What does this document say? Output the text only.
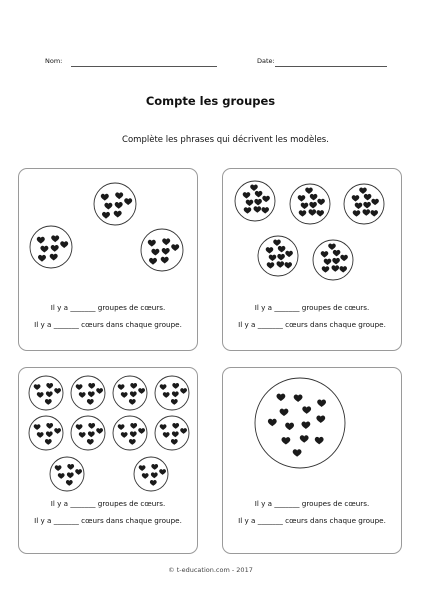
Nom:	Date:
Compte les groupes
Complète les phrases qui décrivent les modèles.
Il y a _______ groupes de cœurs.
Il y a _______ cœurs dans chaque groupe.
Il y a _______ groupes de cœurs.
Il y a _______ cœurs dans chaque groupe.
Il y a _______ groupes de cœurs.
Il y a _______ cœurs dans chaque groupe.
Il y a _______ groupes de cœurs.
Il y a _______ cœurs dans chaque groupe.
© t-education.com - 2017
